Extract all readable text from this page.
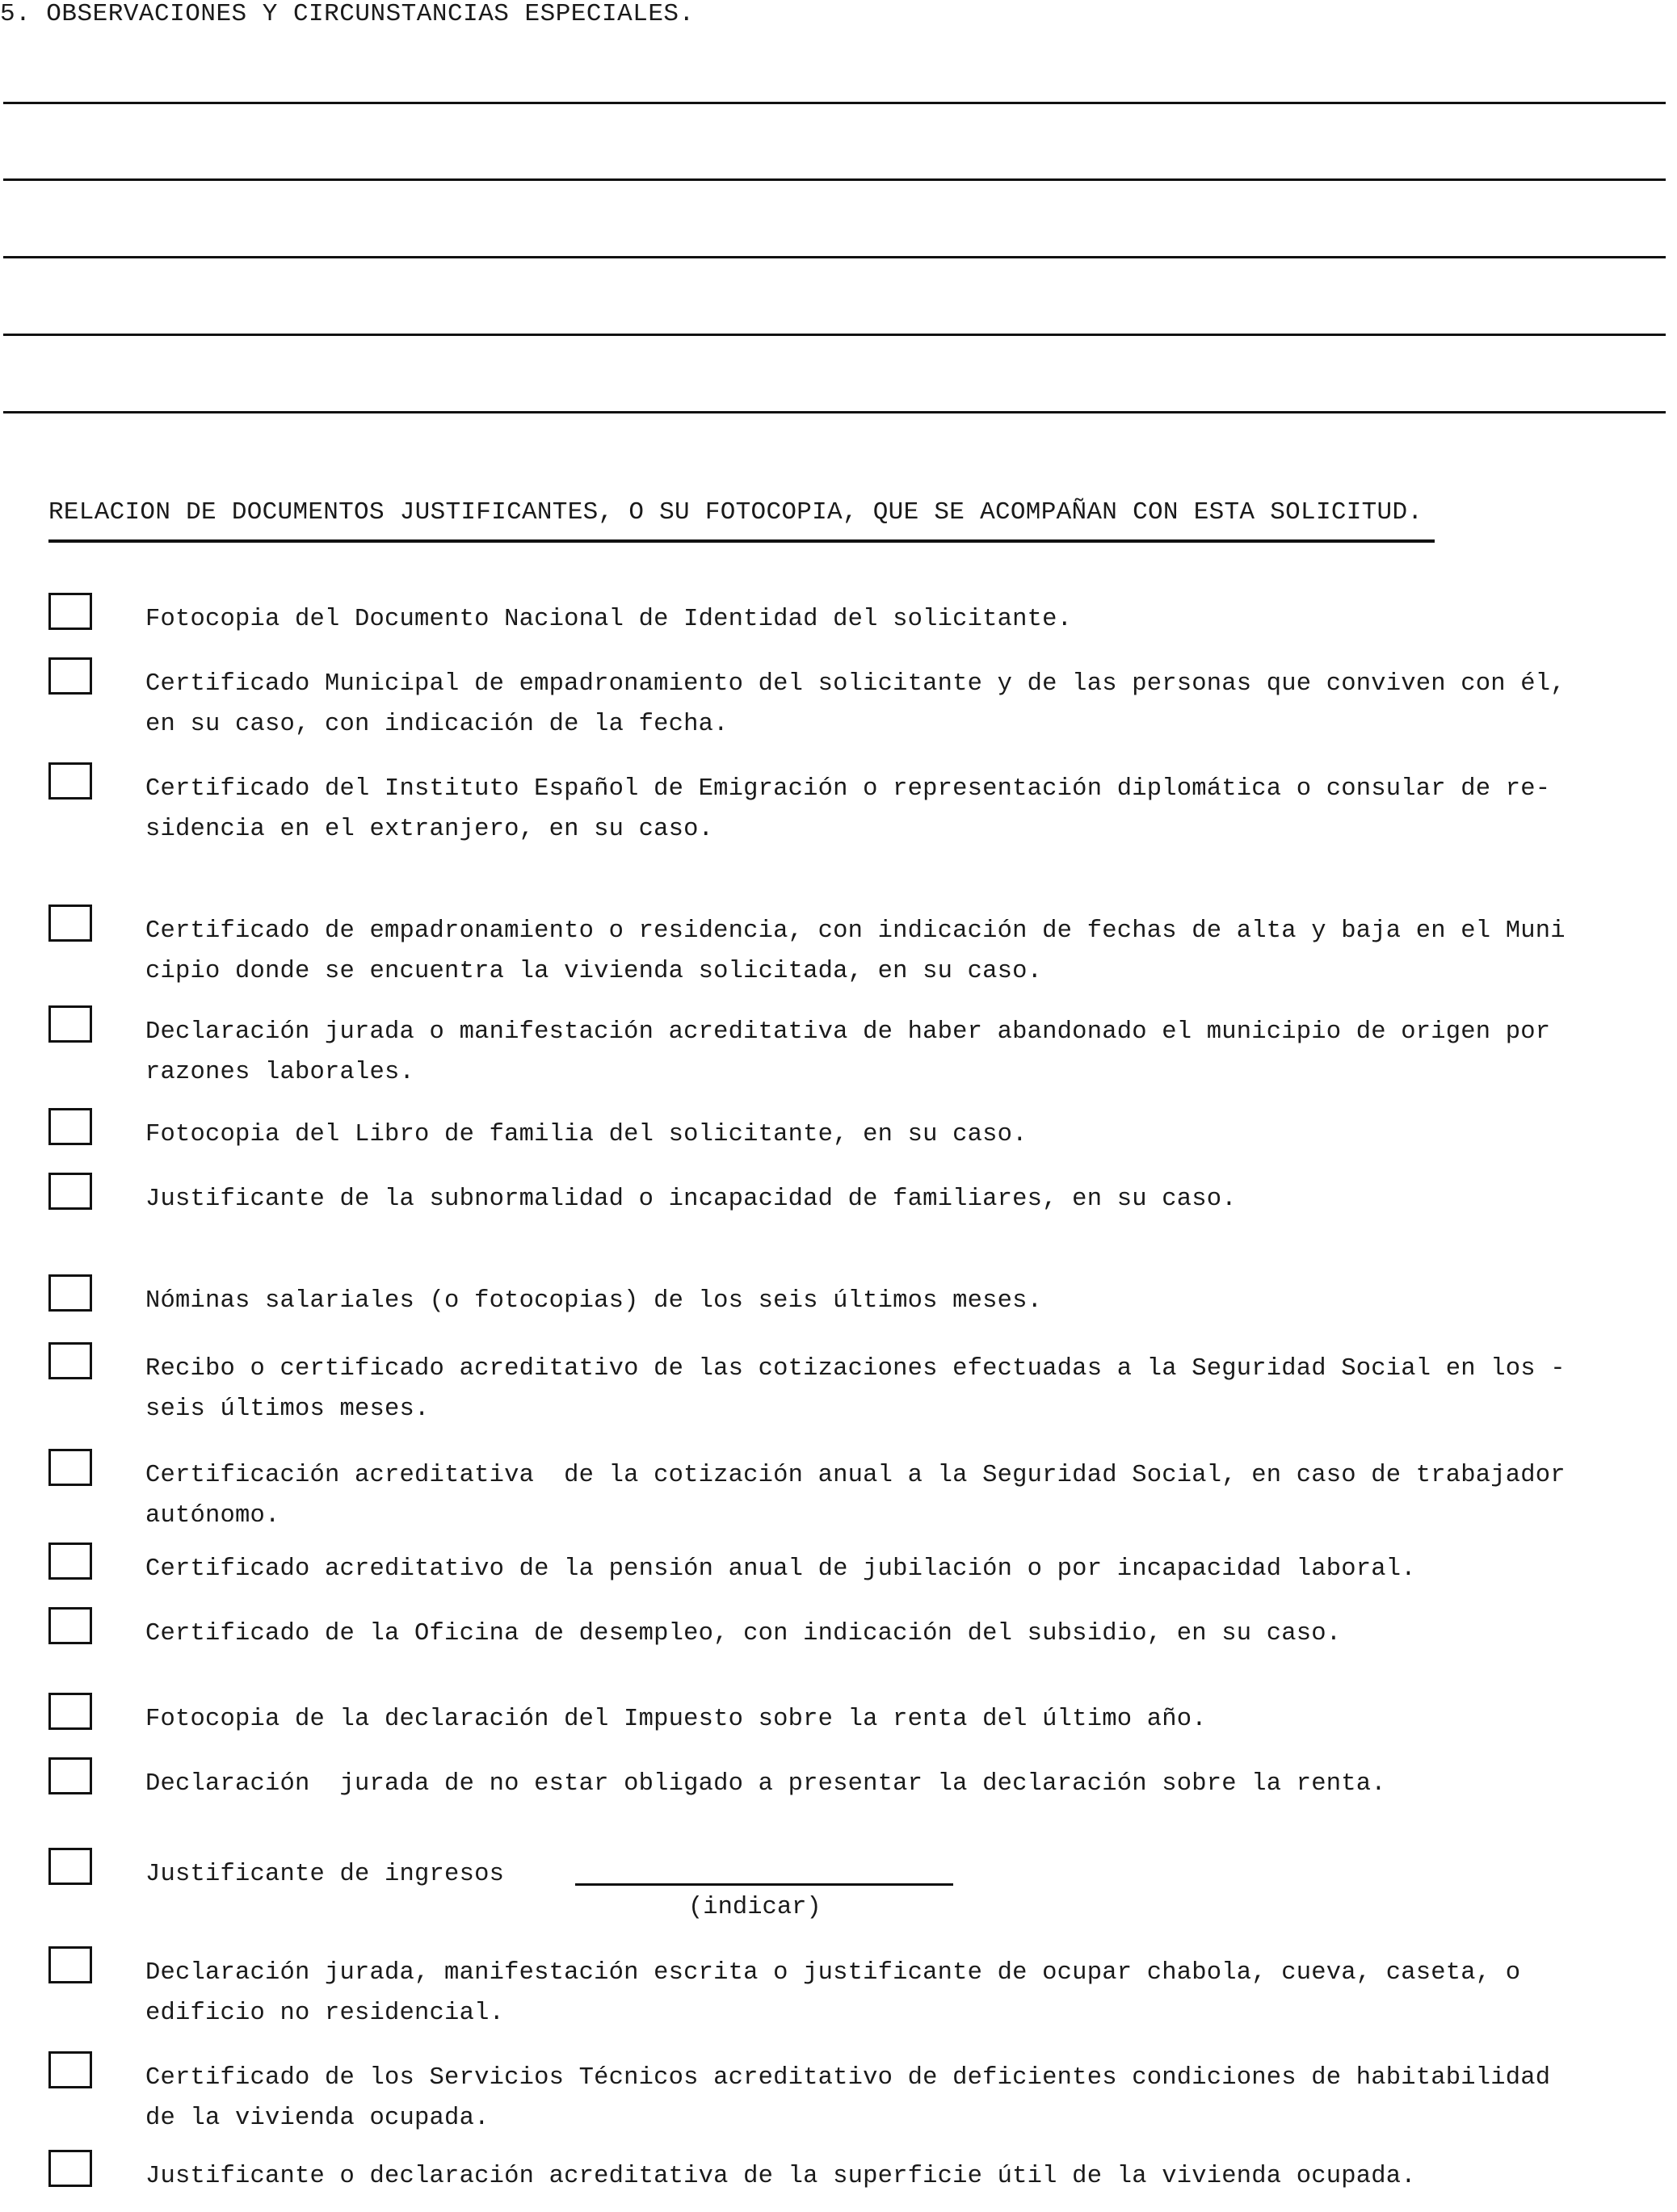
5. OBSERVACIONES Y CIRCUNSTANCIAS ESPECIALES.
RELACION DE DOCUMENTOS JUSTIFICANTES, O SU FOTOCOPIA, QUE SE ACOMPAÑAN CON ESTA SOLICITUD.
Fotocopia del Documento Nacional de Identidad del solicitante.
Certificado Municipal de empadronamiento del solicitante y de las personas que conviven con él,
en su caso, con indicación de la fecha.
Certificado del Instituto Español de Emigración o representación diplomática o consular de re-
sidencia en el extranjero, en su caso.
Certificado de empadronamiento o residencia, con indicación de fechas de alta y baja en el Muni
cipio donde se encuentra la vivienda solicitada, en su caso.
Declaración jurada o manifestación acreditativa de haber abandonado el municipio de origen por
razones laborales.
Fotocopia del Libro de familia del solicitante, en su caso.
Justificante de la subnormalidad o incapacidad de familiares, en su caso.
Nóminas salariales (o fotocopias) de los seis últimos meses.
Recibo o certificado acreditativo de las cotizaciones efectuadas a la Seguridad Social en los -
seis últimos meses.
Certificación acreditativa  de la cotización anual a la Seguridad Social, en caso de trabajador
autónomo.
Certificado acreditativo de la pensión anual de jubilación o por incapacidad laboral.
Certificado de la Oficina de desempleo, con indicación del subsidio, en su caso.
Fotocopia de la declaración del Impuesto sobre la renta del último año.
Declaración  jurada de no estar obligado a presentar la declaración sobre la renta.
Justificante de ingresos
(indicar)
Declaración jurada, manifestación escrita o justificante de ocupar chabola, cueva, caseta, o
edificio no residencial.
Certificado de los Servicios Técnicos acreditativo de deficientes condiciones de habitabilidad
de la vivienda ocupada.
Justificante o declaración acreditativa de la superficie útil de la vivienda ocupada.
